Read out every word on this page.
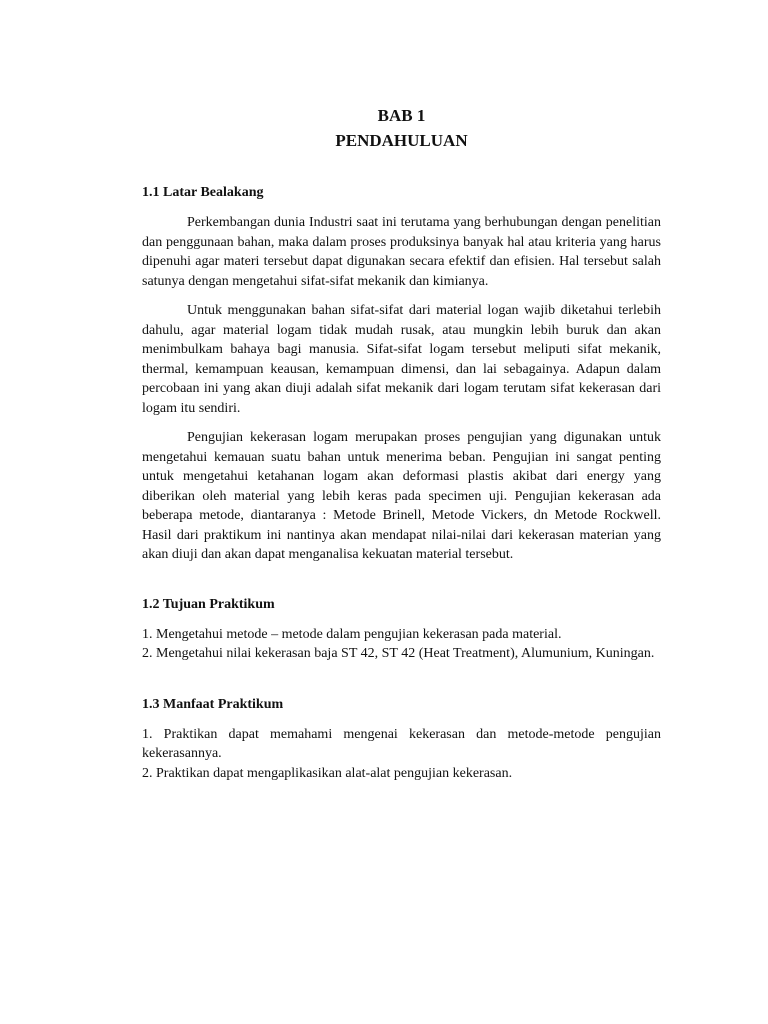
BAB 1
PENDAHULUAN
1.1 Latar Bealakang

Perkembangan dunia Industri saat ini terutama yang berhubungan dengan penelitian dan penggunaan bahan, maka dalam proses produksinya banyak hal atau kriteria yang harus dipenuhi agar materi tersebut dapat digunakan secara efektif dan efisien. Hal tersebut salah satunya dengan mengetahui sifat-sifat mekanik dan kimianya.

Untuk menggunakan bahan sifat-sifat dari material logan wajib diketahui terlebih dahulu, agar material logam tidak mudah rusak, atau mungkin lebih buruk dan akan menimbulkam bahaya bagi manusia. Sifat-sifat logam tersebut meliputi sifat mekanik, thermal, kemampuan keausan, kemampuan dimensi, dan lai sebagainya. Adapun dalam percobaan ini yang akan diuji adalah sifat mekanik dari logam terutam sifat kekerasan dari logam itu sendiri.

Pengujian kekerasan logam merupakan proses pengujian yang digunakan untuk mengetahui kemauan suatu bahan untuk menerima beban. Pengujian ini sangat penting untuk mengetahui ketahanan logam akan deformasi plastis akibat dari energy yang diberikan oleh material yang lebih keras pada specimen uji. Pengujian kekerasan ada beberapa metode, diantaranya : Metode Brinell, Metode Vickers, dn Metode Rockwell. Hasil dari praktikum ini nantinya akan mendapat nilai-nilai dari kekerasan materian yang akan diuji dan akan dapat menganalisa kekuatan material tersebut.

1.2 Tujuan Praktikum
1. Mengetahui metode – metode dalam pengujian kekerasan pada material.
2. Mengetahui nilai kekerasan baja ST 42, ST 42 (Heat Treatment), Alumunium, Kuningan.
1.3 Manfaat Praktikum
1. Praktikan dapat memahami mengenai kekerasan dan metode-metode pengujian kekerasannya.
2. Praktikan dapat mengaplikasikan alat-alat pengujian kekerasan.
